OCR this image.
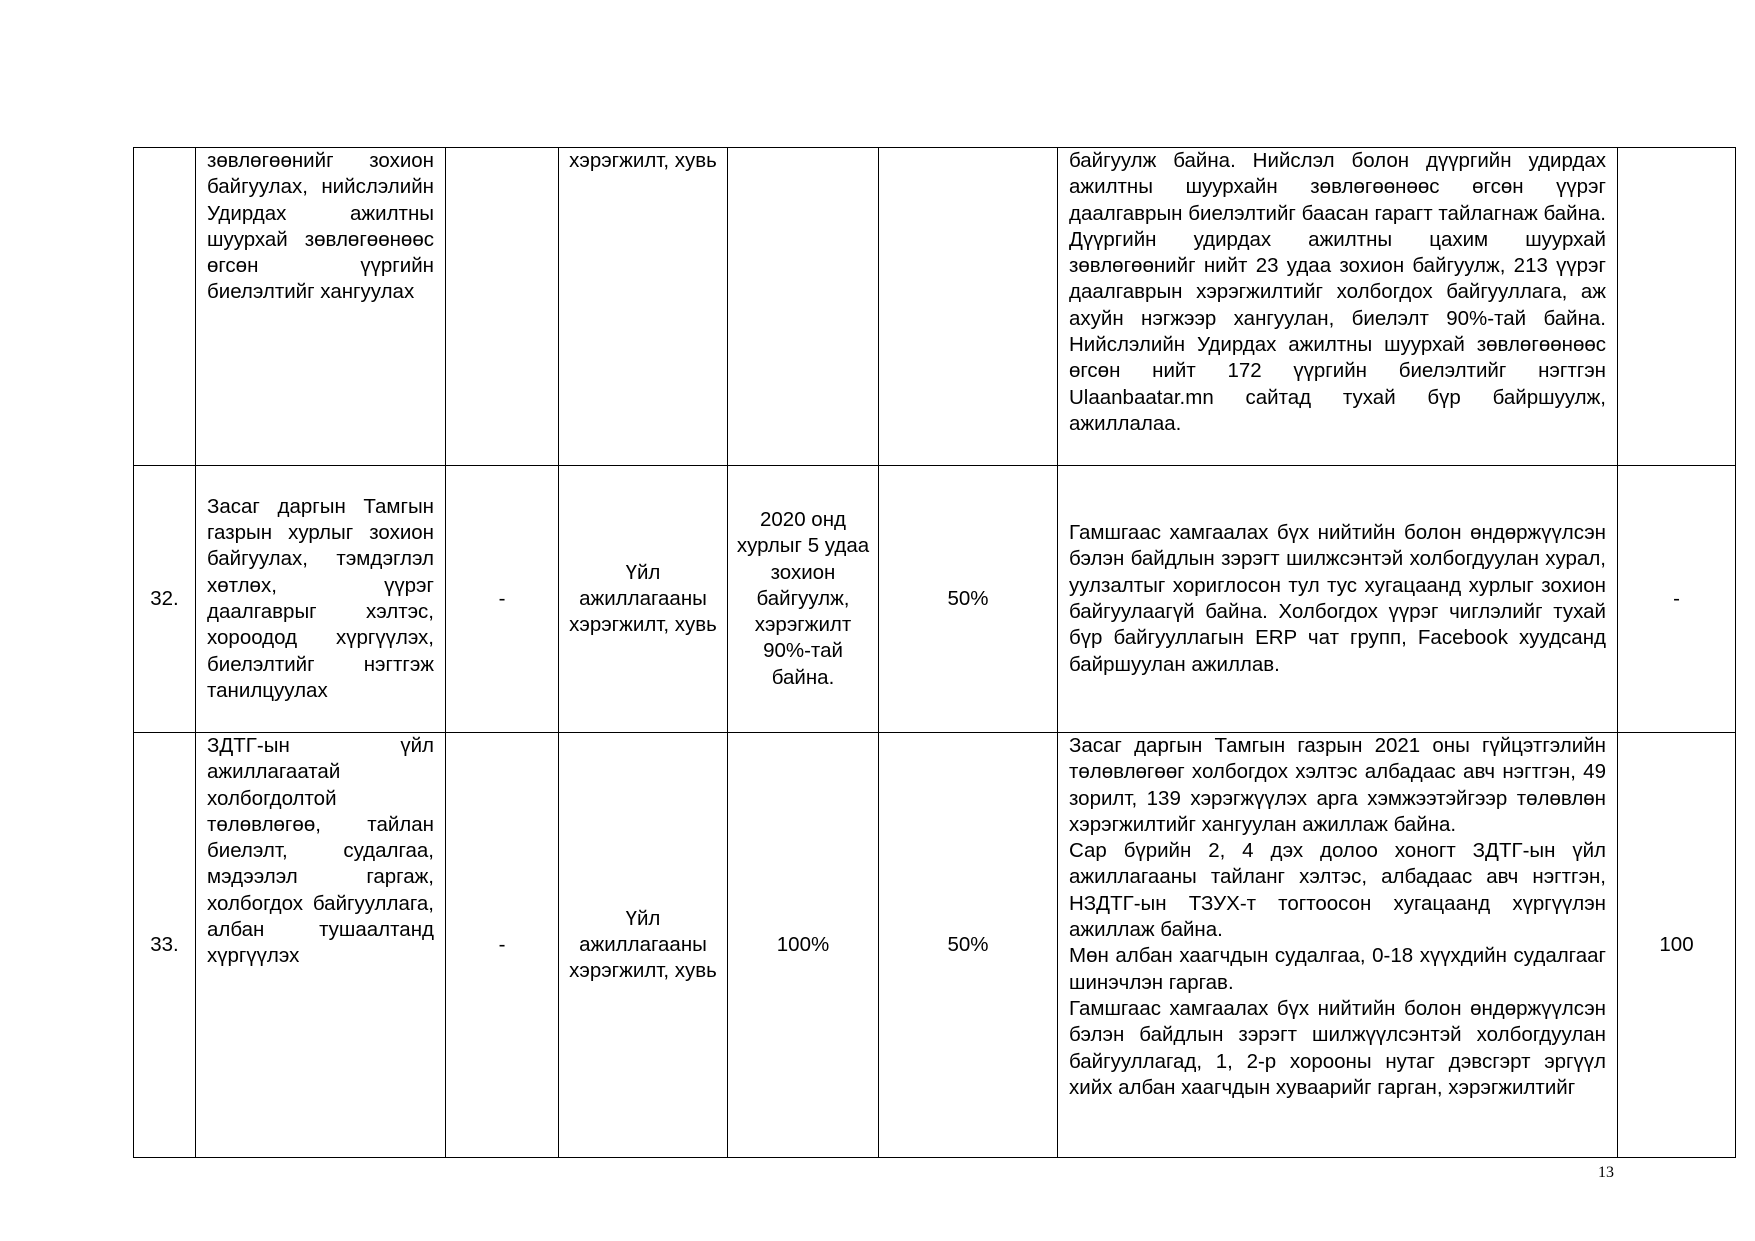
	зөвлөгөөнийг зохион байгуулах, нийслэлийн Удирдах ажилтны шуурхай зөвлөгөөнөөс өгсөн үүргийн биелэлтийг хангуулах		хэрэгжилт, хувь			байгуулж байна. Нийслэл болон дүүргийн удирдах ажилтны шуурхайн зөвлөгөөнөөс өгсөн үүрэг даалгаврын биелэлтийг баасан гарагт тайлагнаж байна. Дүүргийн удирдах ажилтны цахим шуурхай зөвлөгөөнийг нийт 23 удаа зохион байгуулж, 213 үүрэг даалгаврын хэрэгжилтийг холбогдох байгууллага, аж ахуйн нэгжээр хангуулан, биелэлт 90%-тай байна. Нийслэлийн Удирдах ажилтны шуурхай зөвлөгөөнөөс өгсөн нийт 172 үүргийн биелэлтийг нэгтгэн Ulaanbaatar.mn сайтад тухай бүр байршуулж, ажиллалаа.	

32.	Засаг даргын Тамгын газрын хурлыг зохион байгуулах, тэмдэглэл хөтлөх, үүрэг даалгаврыг хэлтэс, хороодод хүргүүлэх, биелэлтийг нэгтгэж танилцуулах	-	Үйл ажиллагааны хэрэгжилт, хувь	2020 онд хурлыг 5 удаа зохион байгуулж, хэрэгжилт 90%-тай байна.	50%	Гамшгаас хамгаалах бүх нийтийн болон өндөржүүлсэн бэлэн байдлын зэрэгт шилжсэнтэй холбогдуулан хурал, уулзалтыг хориглосон тул тус хугацаанд хурлыг зохион байгуулаагүй байна. Холбогдох үүрэг чиглэлийг тухай бүр байгууллагын ERP чат групп, Facebook хуудсанд байршуулан ажиллав.	-
33.	ЗДТГ-ын үйл ажиллагаатай холбогдолтой төлөвлөгөө, тайлан биелэлт, судалгаа, мэдээлэл гаргаж, холбогдох байгууллага, албан тушаалтанд хүргүүлэх	-	Үйл ажиллагааны хэрэгжилт, хувь	100%	50%	Засаг даргын Тамгын газрын 2021 оны гүйцэтгэлийн төлөвлөгөөг холбогдох хэлтэс албадаас авч нэгтгэн, 49 зорилт, 139 хэрэгжүүлэх арга хэмжээтэйгээр төлөвлөн хэрэгжилтийг хангуулан ажиллаж байна.
Сар бүрийн 2, 4 дэх долоо хоногт ЗДТГ-ын үйл ажиллагааны тайланг хэлтэс, албадаас авч нэгтгэн, НЗДТГ-ын ТЗУХ-т тогтоосон хугацаанд хүргүүлэн ажиллаж байна.
Мөн албан хаагчдын судалгаа, 0-18 хүүхдийн судалгааг шинэчлэн гаргав.
Гамшгаас хамгаалах бүх нийтийн болон өндөржүүлсэн бэлэн байдлын зэрэгт шилжүүлсэнтэй холбогдуулан байгууллагад, 1, 2-р хорооны нутаг дэвсгэрт эргүүл хийх албан хаагчдын хуваарийг гарган, хэрэгжилтийг	100
13
